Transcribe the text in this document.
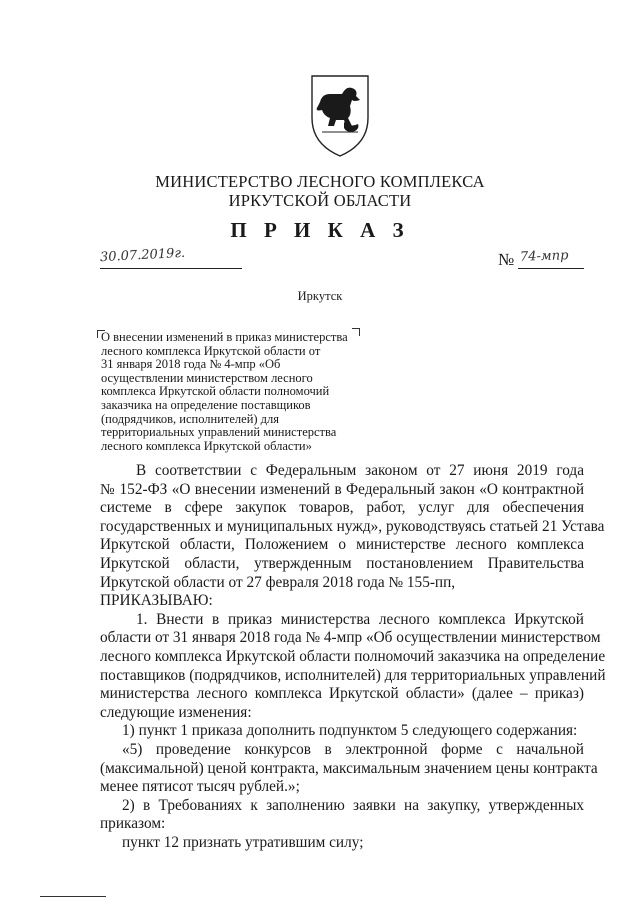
МИНИСТЕРСТВО ЛЕСНОГО КОМПЛЕКСА
ИРКУТСКОЙ ОБЛАСТИ
П Р И К А З
30.07.2019г.	№ 74-мпр
Иркутск
О внесении изменений в приказ министерства
лесного комплекса Иркутской области от
31 января 2018 года № 4-мпр «Об
осуществлении министерством лесного
комплекса Иркутской области полномочий
заказчика на определение поставщиков
(подрядчиков, исполнителей) для
территориальных управлений министерства
лесного комплекса Иркутской области»
В соответствии с Федеральным законом от 27 июня 2019 года
№ 152-ФЗ «О внесении изменений в Федеральный закон «О контрактной
системе в сфере закупок товаров, работ, услуг для обеспечения
государственных и муниципальных нужд», руководствуясь статьей 21 Устава
Иркутской области, Положением о министерстве лесного комплекса
Иркутской области, утвержденным постановлением Правительства
Иркутской области от 27 февраля 2018 года № 155-пп,
ПРИКАЗЫВАЮ:
1. Внести в приказ министерства лесного комплекса Иркутской
области от 31 января 2018 года № 4-мпр «Об осуществлении министерством
лесного комплекса Иркутской области полномочий заказчика на определение
поставщиков (подрядчиков, исполнителей) для территориальных управлений
министерства лесного комплекса Иркутской области» (далее – приказ)
следующие изменения:
1) пункт 1 приказа дополнить подпунктом 5 следующего содержания:
«5) проведение конкурсов в электронной форме с начальной
(максимальной) ценой контракта, максимальным значением цены контракта
менее пятисот тысяч рублей.»;
2) в Требованиях к заполнению заявки на закупку, утвержденных
приказом:
пункт 12 признать утратившим силу;
